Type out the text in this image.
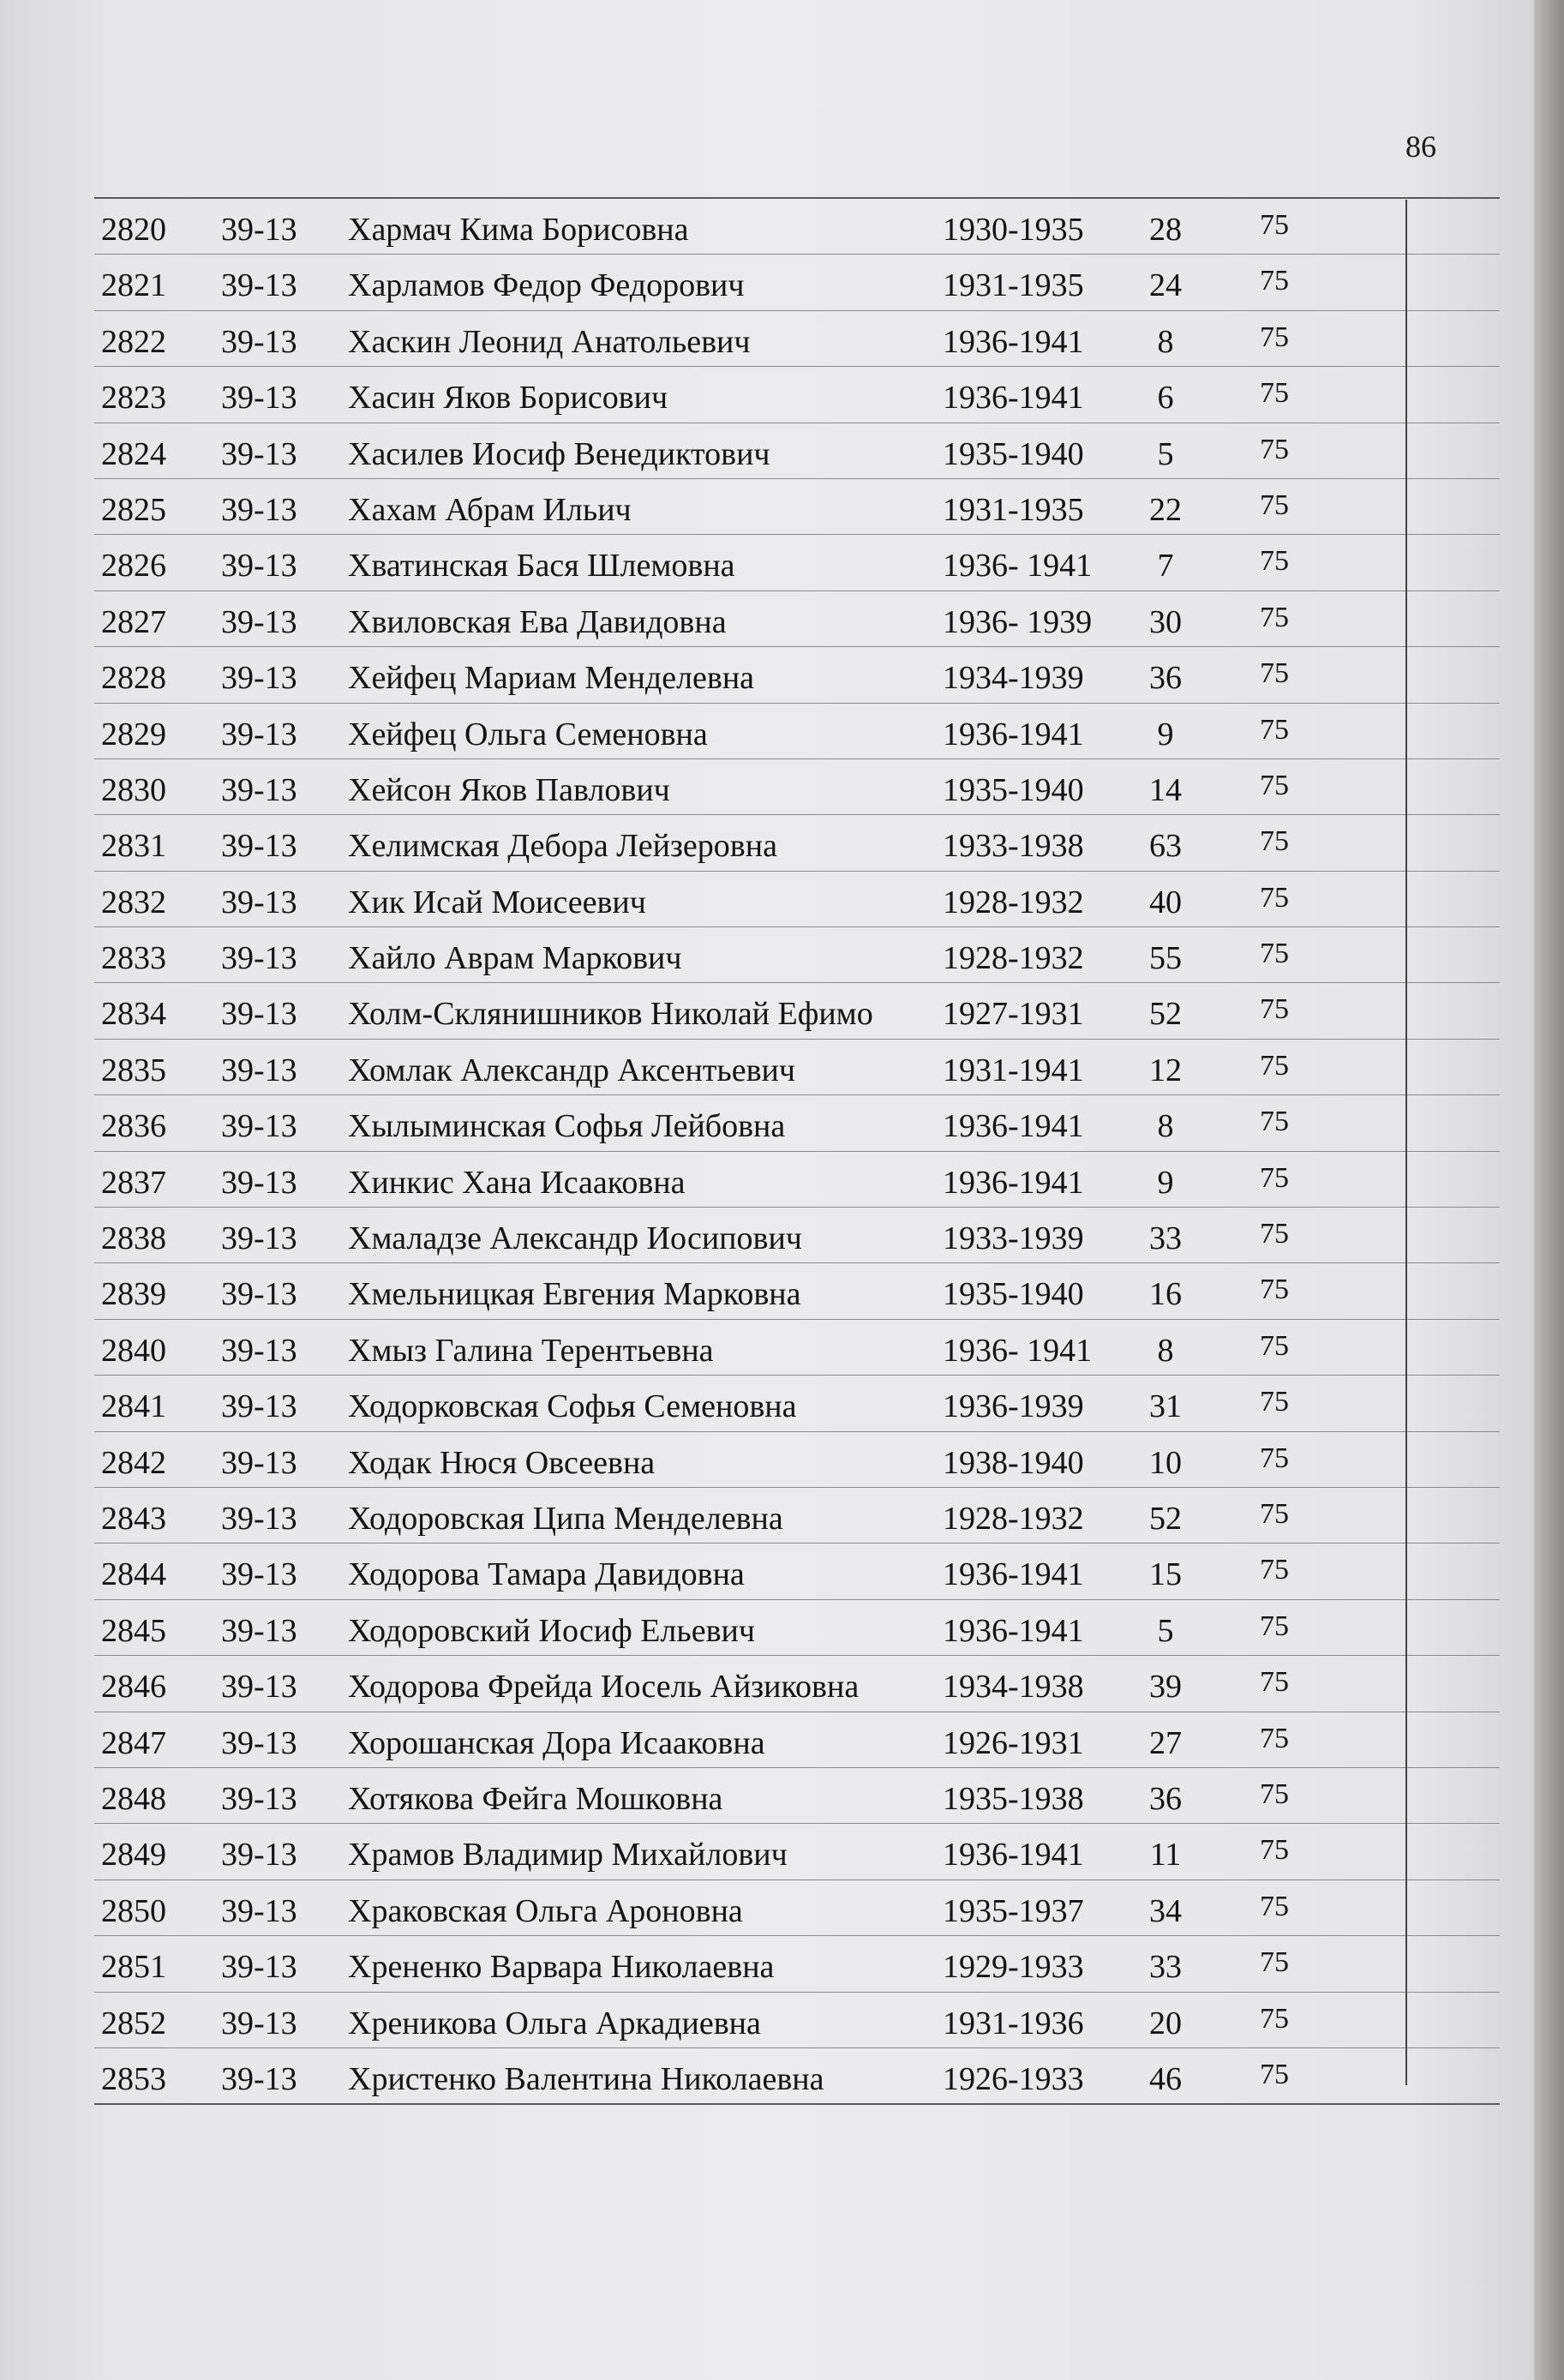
86
2820 39-13 Хармач Кима Борисовна	1930-1935	28	75
2821 39-13 Харламов Федор Федорович	1931-1935	24	75
2822 39-13 Хаскин Леонид Анатольевич	1936-1941	8	75
2823 39-13 Хасин Яков Борисович	1936-1941	6	75
2824 39-13 Хасилев Иосиф Венедиктович	1935-1940	5	75
2825 39-13 Хахам Абрам Ильич	1931-1935	22	75
2826 39-13 Хватинская Бася Шлемовна	1936- 1941	7	75
2827 39-13 Хвиловская Ева Давидовна	1936- 1939	30	75
2828 39-13 Хейфец Мариам Менделевна	1934-1939	36	75
2829 39-13 Хейфец Ольга Семеновна	1936-1941	9	75
2830 39-13 Хейсон Яков Павлович	1935-1940	14	75
2831 39-13 Хелимская Дебора Лейзеровна	1933-1938	63	75
2832 39-13 Хик Исай Моисеевич	1928-1932	40	75
2833 39-13 Хайло Аврам Маркович	1928-1932	55	75
2834 39-13 Холм-Склянишников Николай Ефимо 1927-1931	52	75
2835 39-13 Хомлак Александр Аксентьевич	1931-1941	12	75
2836 39-13 Хылыминская Софья Лейбовна	1936-1941	8	75
2837 39-13 Хинкис Хана Исааковна	1936-1941	9	75
2838 39-13 Хмаладзе Александр Иосипович	1933-1939	33	75
2839 39-13 Хмельницкая Евгения Марковна	1935-1940	16	75
2840 39-13 Хмыз Галина Терентьевна	1936- 1941	8	75
2841 39-13 Ходорковская Софья Семеновна	1936-1939	31	75
2842 39-13 Ходак Нюся Овсеевна	1938-1940	10	75
2843 39-13 Ходоровская Ципа Менделевна	1928-1932	52	75
2844 39-13 Ходорова Тамара Давидовна	1936-1941	15	75
2845 39-13 Ходоровский Иосиф Ельевич	1936-1941	5	75
2846 39-13 Ходорова Фрейда Иосель Айзиковна	1934-1938	39	75
2847 39-13 Хорошанская Дора Исааковна	1926-1931	27	75
2848 39-13 Хотякова Фейга Мошковна	1935-1938	36	75
2849 39-13 Храмов Владимир Михайлович	1936-1941	11	75
2850 39-13 Храковская Ольга Ароновна	1935-1937	34	75
2851 39-13 Хрененко Варвара Николаевна	1929-1933	33	75
2852 39-13 Хреникова Ольга Аркадиевна	1931-1936	20	75
2853 39-13 Христенко Валентина Николаевна	1926-1933	46	75
